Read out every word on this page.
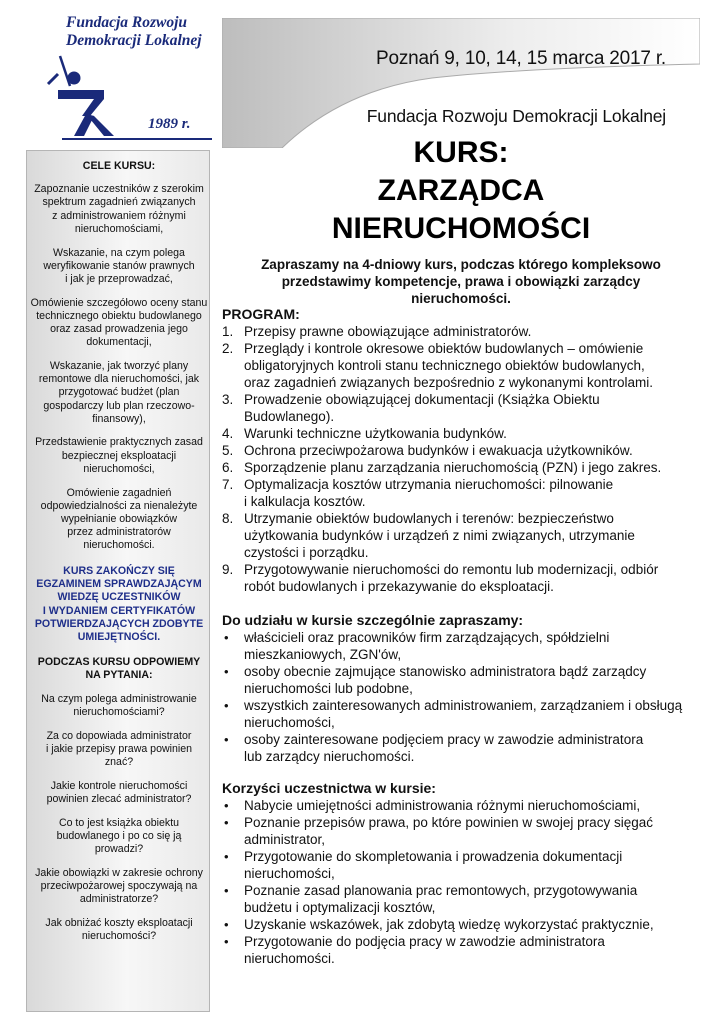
Fundacja Rozwoju
Demokracji Lokalnej
1989 r.
Poznań 9, 10, 14, 15 marca 2017 r.
Fundacja Rozwoju Demokracji Lokalnej
KURS:
ZARZĄDCA
NIERUCHOMOŚCI
Zapraszamy na 4-dniowy kurs, podczas którego kompleksowo
przedstawimy kompetencje, prawa i obowiązki zarządcy
nieruchomości.
PROGRAM:
1. Przepisy prawne obowiązujące administratorów.
2. Przeglądy i kontrole okresowe obiektów budowlanych – omówienie
obligatoryjnych kontroli stanu technicznego obiektów budowlanych,
oraz zagadnień związanych bezpośrednio z wykonanymi kontrolami.
3. Prowadzenie obowiązującej dokumentacji (Książka Obiektu
Budowlanego).
4. Warunki techniczne użytkowania budynków.
5. Ochrona przeciwpożarowa budynków i ewakuacja użytkowników.
6. Sporządzenie planu zarządzania nieruchomością (PZN) i jego zakres.
7. Optymalizacja kosztów utrzymania nieruchomości: pilnowanie
i kalkulacja kosztów.
8. Utrzymanie obiektów budowlanych i terenów: bezpieczeństwo
użytkowania budynków i urządzeń z nimi związanych, utrzymanie
czystości i porządku.
9. Przygotowywanie nieruchomości do remontu lub modernizacji, odbiór
robót budowlanych i przekazywanie do eksploatacji.
Do udziału w kursie szczególnie zapraszamy:
• właścicieli oraz pracowników firm zarządzających, spółdzielni
mieszkaniowych, ZGN'ów,
• osoby obecnie zajmujące stanowisko administratora bądź zarządcy
nieruchomości lub podobne,
• wszystkich zainteresowanych administrowaniem, zarządzaniem i obsługą
nieruchomości,
• osoby zainteresowane podjęciem pracy w zawodzie administratora
lub zarządcy nieruchomości.
Korzyści uczestnictwa w kursie:
• Nabycie umiejętności administrowania różnymi nieruchomościami,
• Poznanie przepisów prawa, po które powinien w swojej pracy sięgać
administrator,
• Przygotowanie do skompletowania i prowadzenia dokumentacji
nieruchomości,
• Poznanie zasad planowania prac remontowych, przygotowywania
budżetu i optymalizacji kosztów,
• Uzyskanie wskazówek, jak zdobytą wiedzę wykorzystać praktycznie,
• Przygotowanie do podjęcia pracy w zawodzie administratora
nieruchomości.
CELE KURSU:
Zapoznanie uczestników z szerokim
spektrum zagadnień związanych
z administrowaniem różnymi
nieruchomościami,
Wskazanie, na czym polega
weryfikowanie stanów prawnych
i jak je przeprowadzać,
Omówienie szczegółowo oceny stanu
technicznego obiektu budowlanego
oraz zasad prowadzenia jego
dokumentacji,
Wskazanie, jak tworzyć plany
remontowe dla nieruchomości, jak
przygotować budżet (plan
gospodarczy lub plan rzeczowo-
finansowy),
Przedstawienie praktycznych zasad
bezpiecznej eksploatacji
nieruchomości,
Omówienie zagadnień
odpowiedzialności za nienależyte
wypełnianie obowiązków
przez administratorów
nieruchomości.
KURS ZAKOŃCZY SIĘ
EGZAMINEM SPRAWDZAJĄCYM
WIEDZĘ UCZESTNIKÓW
I WYDANIEM CERTYFIKATÓW
POTWIERDZAJĄCYCH ZDOBYTE
UMIEJĘTNOŚCI.
PODCZAS KURSU ODPOWIEMY
NA PYTANIA:
Na czym polega administrowanie
nieruchomościami?
Za co dopowiada administrator
i jakie przepisy prawa powinien
znać?
Jakie kontrole nieruchomości
powinien zlecać administrator?
Co to jest książka obiektu
budowlanego i po co się ją
prowadzi?
Jakie obowiązki w zakresie ochrony
przeciwpożarowej spoczywają na
administratorze?
Jak obniżać koszty eksploatacji
nieruchomości?
